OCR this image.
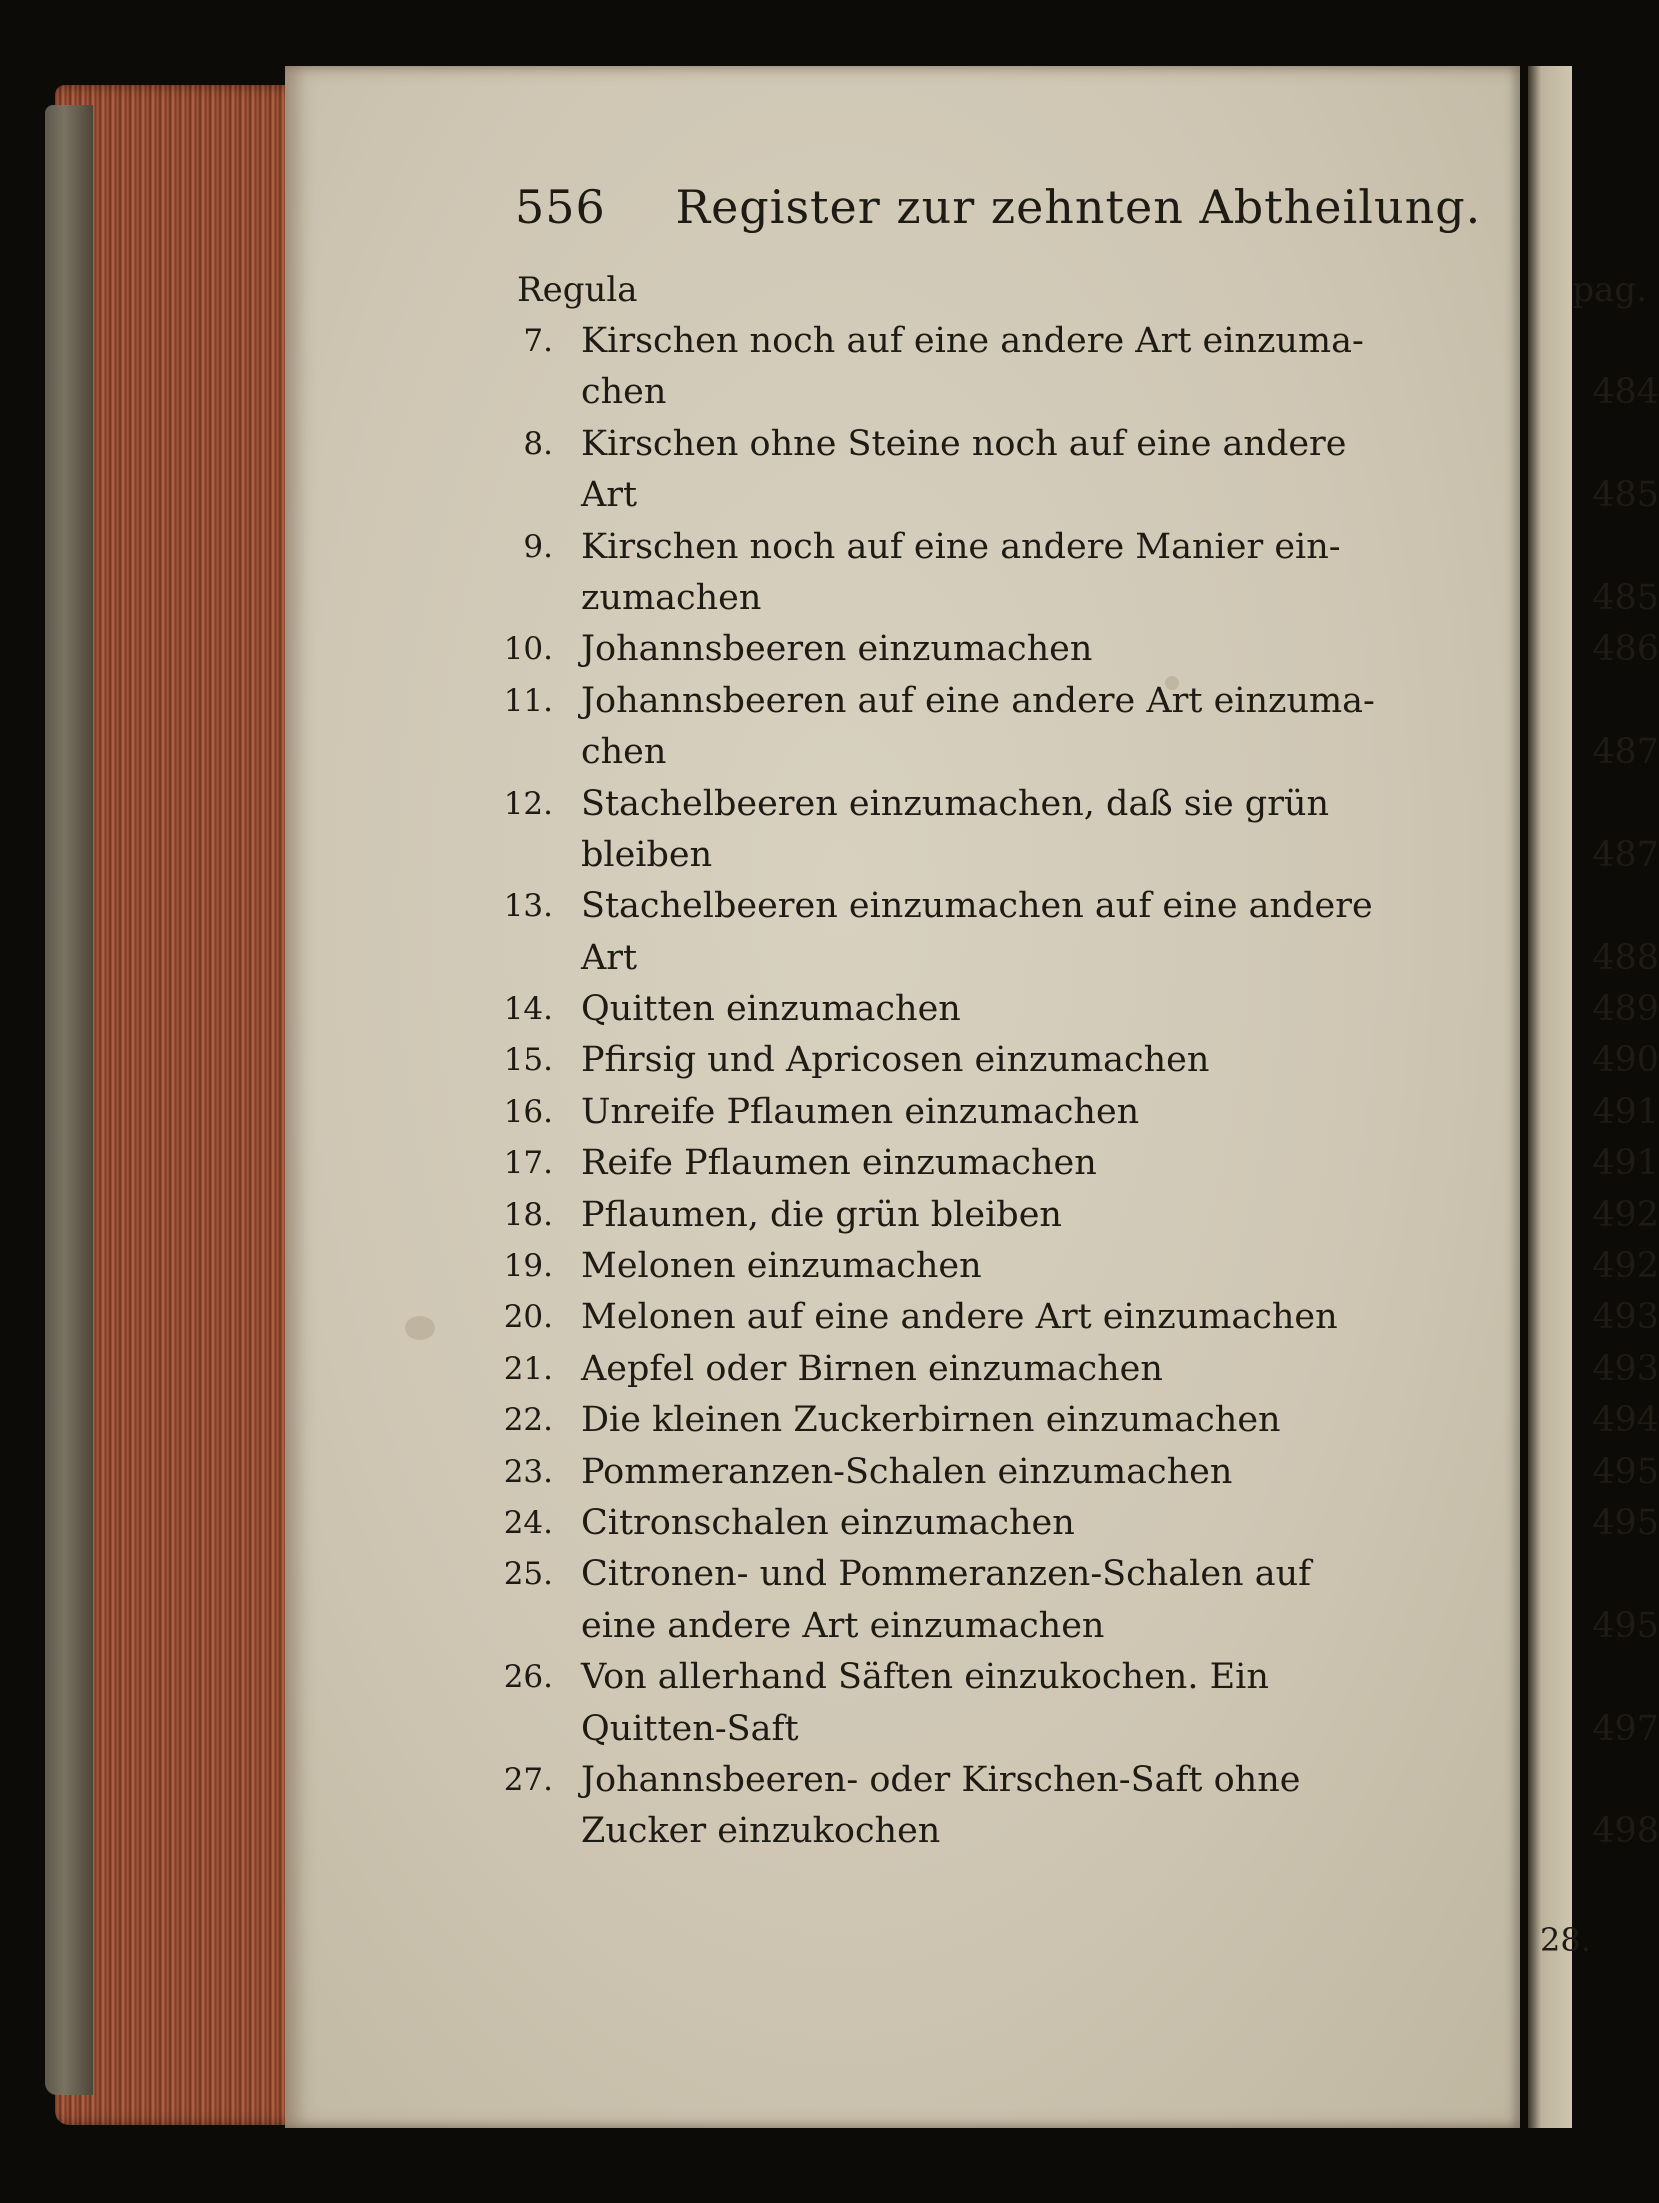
556 Register zur zehnten Abtheilung.
Regula	pag.
7. Kirschen noch auf eine andere Art einzuma-
chen	484
8. Kirschen ohne Steine noch auf eine andere
Art	485
9. Kirschen noch auf eine andere Manier ein-
zumachen	485
10. Johannsbeeren einzumachen	486
11. Johannsbeeren auf eine andere Art einzuma-
chen	487
12. Stachelbeeren einzumachen, daß sie grün
bleiben	487
13. Stachelbeeren einzumachen auf eine andere
Art	488
14. Quitten einzumachen	489
15. Pfirsig und Apricosen einzumachen	490
16. Unreife Pflaumen einzumachen	491
17. Reife Pflaumen einzumachen	491
18. Pflaumen, die grün bleiben	492
19. Melonen einzumachen	492
20. Melonen auf eine andere Art einzumachen	493
21. Aepfel oder Birnen einzumachen	493
22. Die kleinen Zuckerbirnen einzumachen	494
23. Pommeranzen-Schalen einzumachen	495
24. Citronschalen einzumachen	495
25. Citronen- und Pommeranzen-Schalen auf
eine andere Art einzumachen	495
26. Von allerhand Säften einzukochen. Ein
Quitten-Saft	497
27. Johannsbeeren- oder Kirschen-Saft ohne
Zucker einzukochen	498
28.
